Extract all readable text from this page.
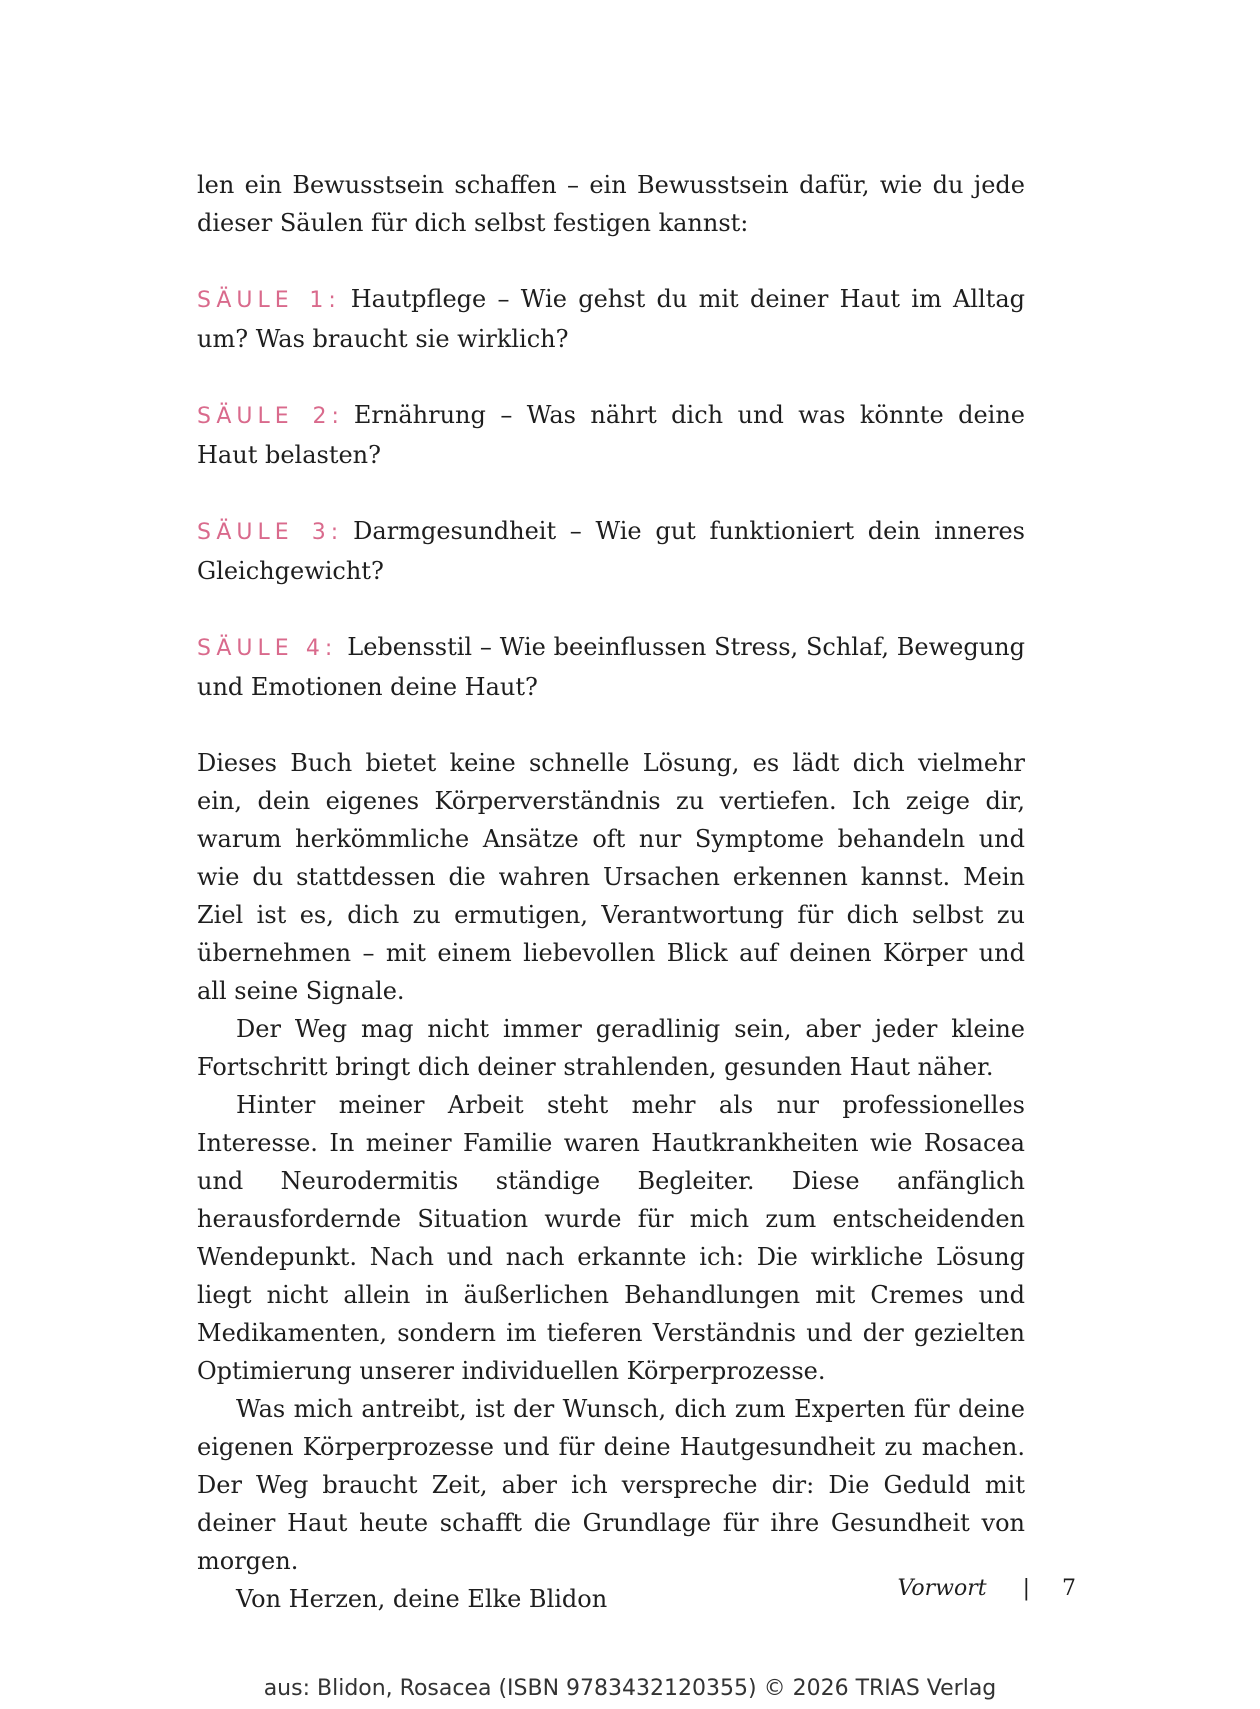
len ein Bewusstsein schaffen – ein Bewusstsein dafür, wie du jede dieser Säulen für dich selbst festigen kannst:

SÄULE 1: Hautpflege – Wie gehst du mit deiner Haut im Alltag um? Was braucht sie wirklich?

SÄULE 2: Ernährung – Was nährt dich und was könnte deine Haut belasten?

SÄULE 3: Darmgesundheit – Wie gut funktioniert dein inneres Gleichgewicht?

SÄULE 4: Lebensstil – Wie beeinflussen Stress, Schlaf, Bewegung und Emotionen deine Haut?

Dieses Buch bietet keine schnelle Lösung, es lädt dich vielmehr ein, dein eigenes Körperverständnis zu vertiefen. Ich zeige dir, warum herkömmliche Ansätze oft nur Symptome behandeln und wie du stattdessen die wahren Ursachen erkennen kannst. Mein Ziel ist es, dich zu ermutigen, Verantwortung für dich selbst zu übernehmen – mit einem liebevollen Blick auf deinen Körper und all seine Signale.

Der Weg mag nicht immer geradlinig sein, aber jeder kleine Fortschritt bringt dich deiner strahlenden, gesunden Haut näher.

Hinter meiner Arbeit steht mehr als nur professionelles Interesse. In meiner Familie waren Hautkrankheiten wie Rosacea und Neurodermitis ständige Begleiter. Diese anfänglich herausfordernde Situation wurde für mich zum entscheidenden Wendepunkt. Nach und nach erkannte ich: Die wirkliche Lösung liegt nicht allein in äußerlichen Behandlungen mit Cremes und Medikamenten, sondern im tieferen Verständnis und der gezielten Optimierung unserer individuellen Körperprozesse.

Was mich antreibt, ist der Wunsch, dich zum Experten für deine eigenen Körperprozesse und für deine Hautgesundheit zu machen. Der Weg braucht Zeit, aber ich verspreche dir: Die Geduld mit deiner Haut heute schafft die Grundlage für ihre Gesundheit von morgen.

Von Herzen, deine Elke Blidon	Vorwort | 7
aus: Blidon, Rosacea (ISBN 9783432120355) © 2026 TRIAS Verlag
